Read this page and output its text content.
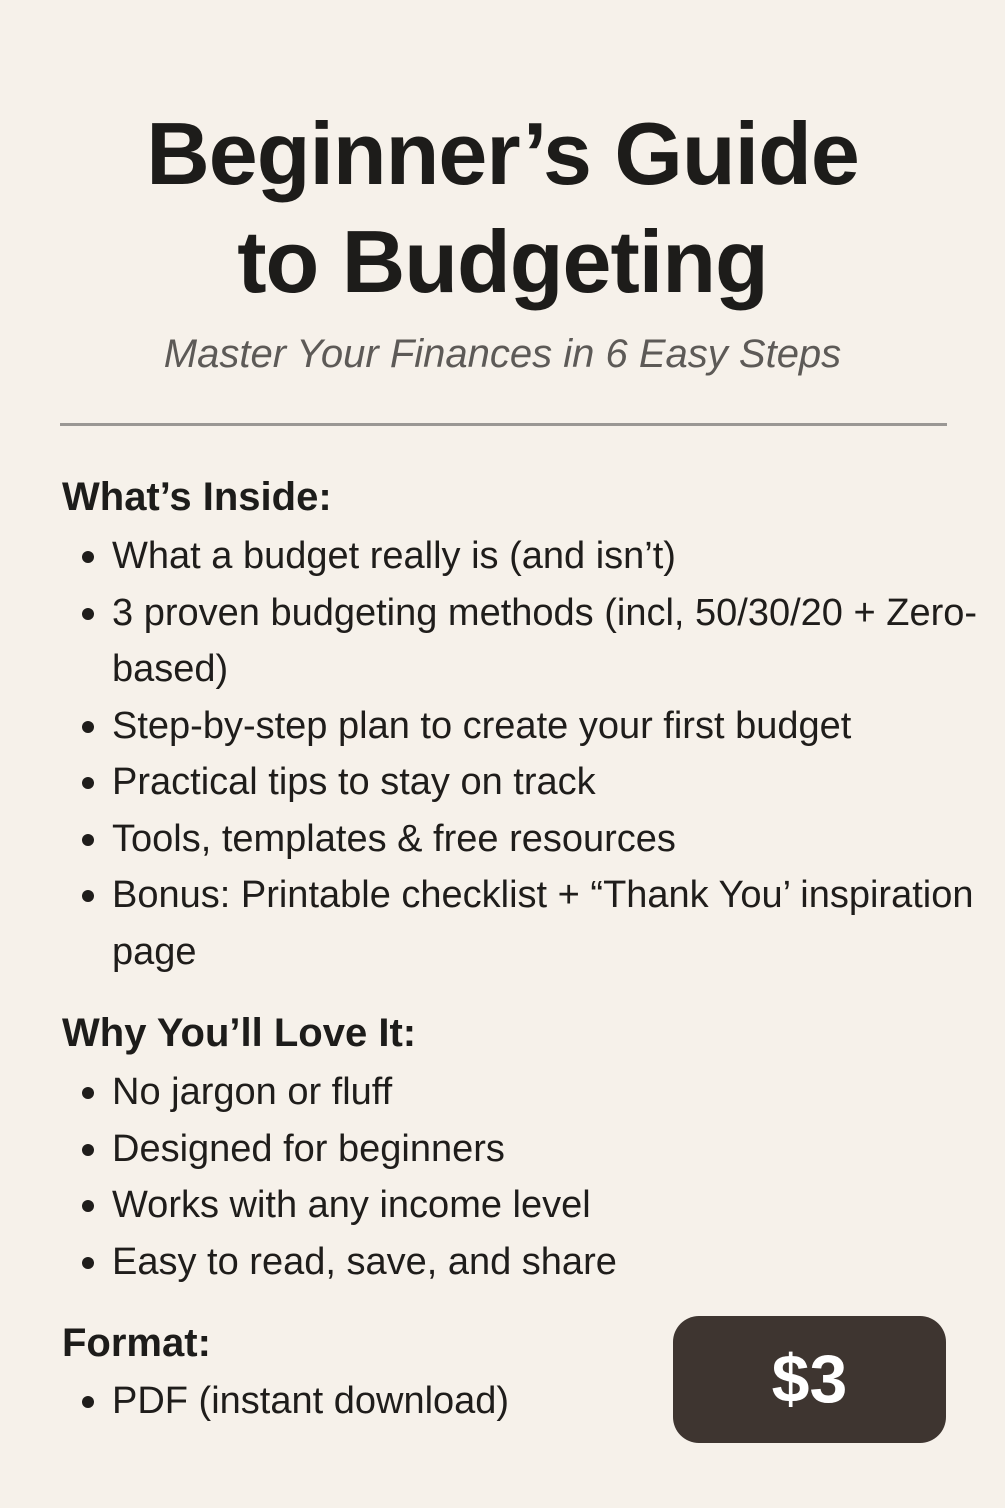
Beginner’s Guide
to Budgeting
Master Your Finances in 6 Easy Steps
What’s Inside:
What a budget really is (and isn’t)
3 proven budgeting methods (incl, 50/30/20 + Zero-based)
Step-by-step plan to create your first budget
Practical tips to stay on track
Tools, templates & free resources
Bonus: Printable checklist + “Thank You’ inspiration page
Why You’ll Love It:
No jargon or fluff
Designed for beginners
Works with any income level
Easy to read, save, and share
Format:
PDF (instant download)	$3
